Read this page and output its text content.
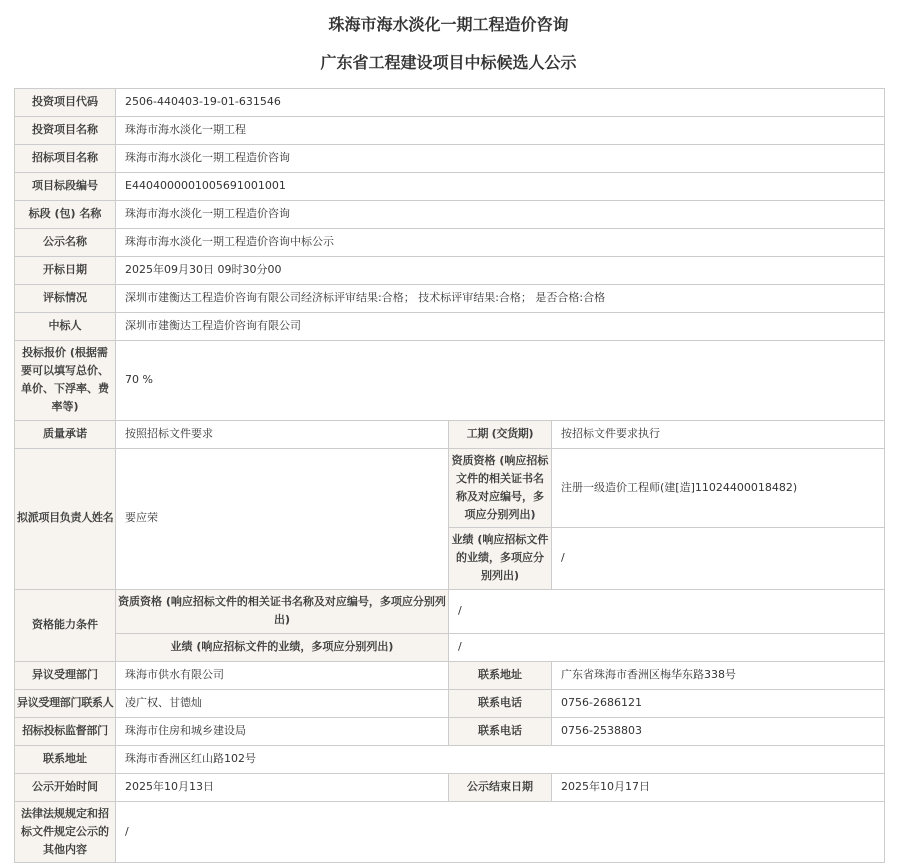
珠海市海水淡化一期工程造价咨询
广东省工程建设项目中标候选人公示
投资项目代码	2506-440403-19-01-631546		
投资项目名称	珠海市海水淡化一期工程		
招标项目名称	珠海市海水淡化一期工程造价咨询		
项目标段编号	E4404000001005691001001		
标段 (包) 名称	珠海市海水淡化一期工程造价咨询		
公示名称	珠海市海水淡化一期工程造价咨询中标公示		
开标日期	2025年09月30日 09时30分00		
评标情况	深圳市建衡达工程造价咨询有限公司经济标评审结果:合格； 技术标评审结果:合格； 是否合格:合格		
中标人	深圳市建衡达工程造价咨询有限公司		
投标报价 (根据需要可以填写总价、单价、下浮率、费率等)	70 %		
质量承诺	按照招标文件要求	工期 (交货期)	按招标文件要求执行
拟派项目负责人姓名	要应荣	资质资格 (响应招标文件的相关证书名称及对应编号，多项应分别列出)	注册一级造价工程师(建[造]11024400018482)
		业绩 (响应招标文件的业绩，多项应分别列出)	/
资格能力条件	资质资格 (响应招标文件的相关证书名称及对应编号，多项应分别列出)	/	
	业绩 (响应招标文件的业绩，多项应分别列出)	/	
异议受理部门	珠海市供水有限公司	联系地址	广东省珠海市香洲区梅华东路338号
异议受理部门联系人	凌广权、甘德灿	联系电话	0756-2686121
招标投标监督部门	珠海市住房和城乡建设局	联系电话	0756-2538803
联系地址	珠海市香洲区红山路102号		
公示开始时间	2025年10月13日	公示结束日期	2025年10月17日
法律法规规定和招标文件规定公示的其他内容	/		
